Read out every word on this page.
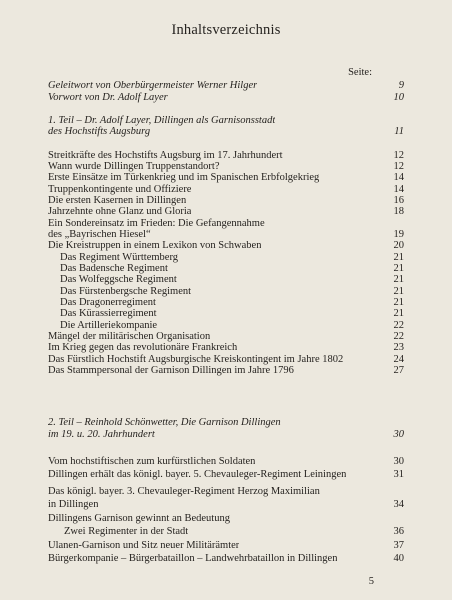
Inhaltsverzeichnis
Seite:
Geleitwort von Oberbürgermeister Werner Hilger	9
Vorwort von Dr. Adolf Layer	10
1. Teil – Dr. Adolf Layer, Dillingen als Garnisonsstadt
des Hochstifts Augsburg	11
Streitkräfte des Hochstifts Augsburg im 17. Jahrhundert	12
Wann wurde Dillingen Truppenstandort?	12
Erste Einsätze im Türkenkrieg und im Spanischen Erbfolgekrieg	14
Truppenkontingente und Offiziere	14
Die ersten Kasernen in Dillingen	16
Jahrzehnte ohne Glanz und Gloria	18
Ein Sondereinsatz im Frieden: Die Gefangennahme
des „Bayrischen Hiesel“	19
Die Kreistruppen in einem Lexikon von Schwaben	20
Das Regiment Württemberg	21
Das Badensche Regiment	21
Das Wolfeggsche Regiment	21
Das Fürstenbergsche Regiment	21
Das Dragonerregiment	21
Das Kürassierregiment	21
Die Artilleriekompanie	22
Mängel der militärischen Organisation	22
Im Krieg gegen das revolutionäre Frankreich	23
Das Fürstlich Hochstift Augsburgische Kreiskontingent im Jahre 1802	24
Das Stammpersonal der Garnison Dillingen im Jahre 1796	27
2. Teil – Reinhold Schönwetter, Die Garnison Dillingen
im 19. u. 20. Jahrhundert	30
Vom hochstiftischen zum kurfürstlichen Soldaten	30
Dillingen erhält das königl. bayer. 5. Chevauleger-Regiment Leiningen	31
Das königl. bayer. 3. Chevauleger-Regiment Herzog Maximilian
in Dillingen	34
Dillingens Garnison gewinnt an Bedeutung
Zwei Regimenter in der Stadt	36
Ulanen-Garnison und Sitz neuer Militärämter	37
Bürgerkompanie – Bürgerbataillon – Landwehrbataillon in Dillingen	40
5
